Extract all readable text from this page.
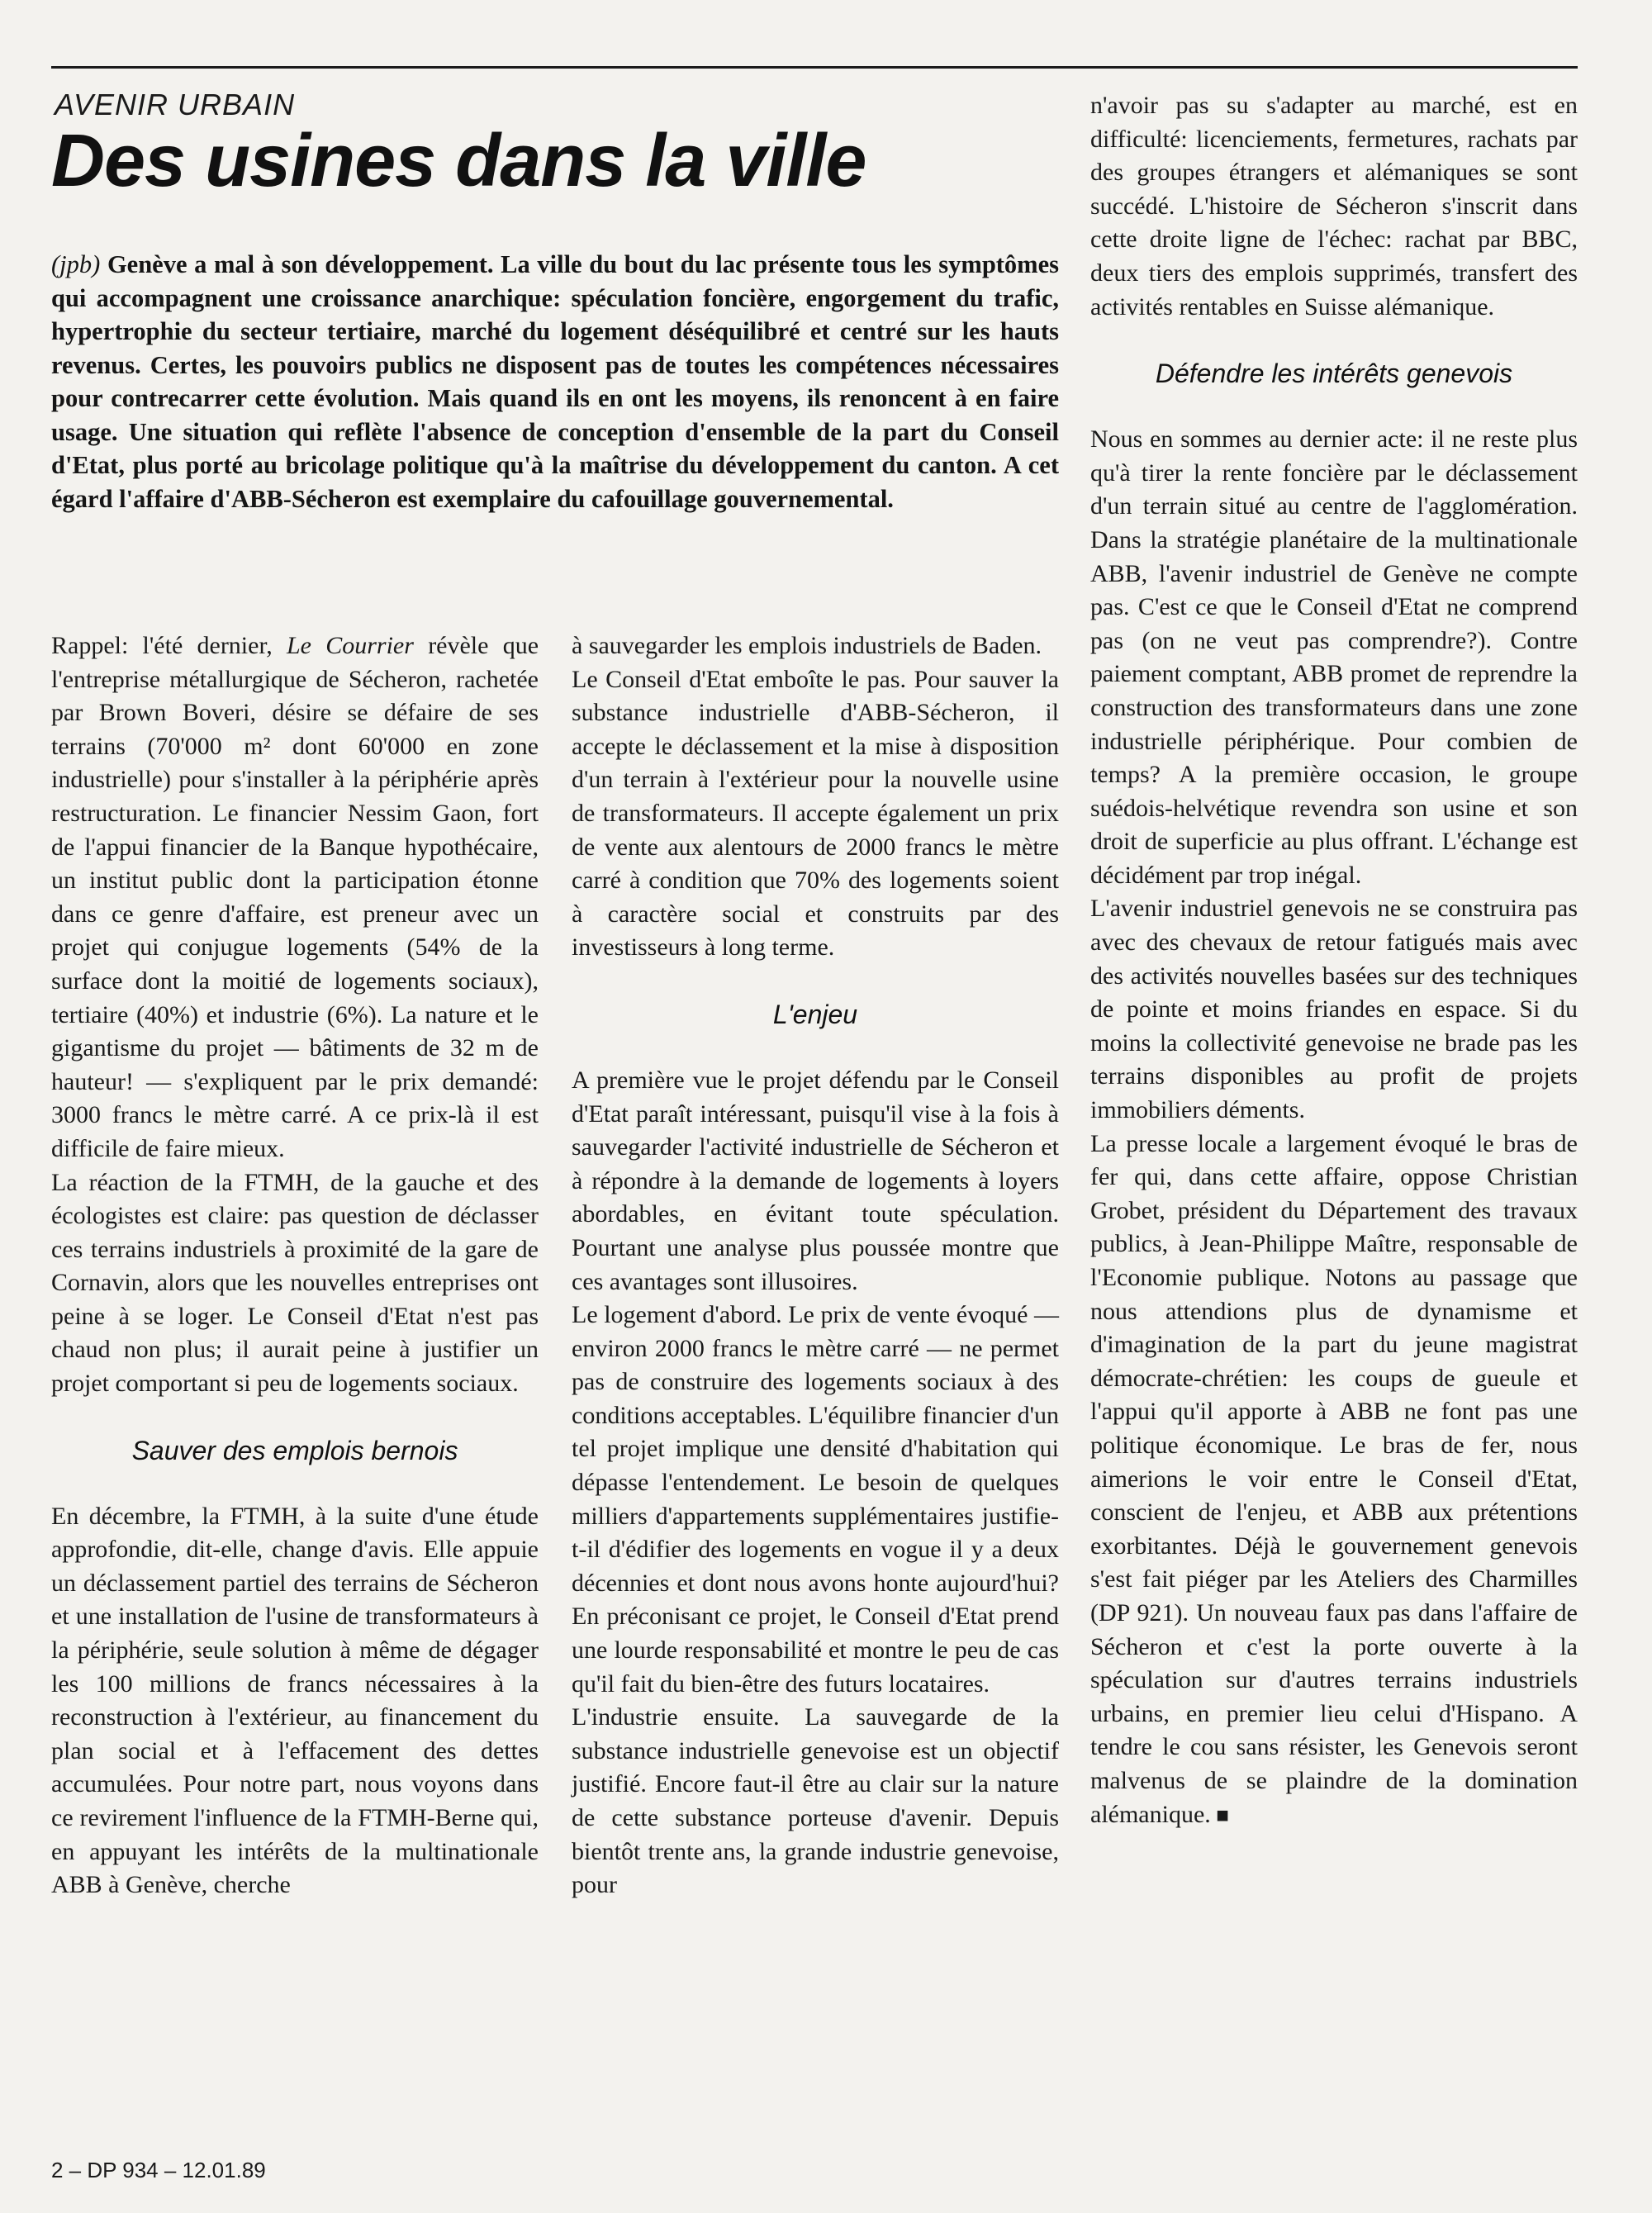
AVENIR URBAIN
Des usines dans la ville

(jpb) Genève a mal à son développement. La ville du bout du lac présente tous les symptômes qui accompagnent une croissance anarchique: spéculation foncière, engorgement du trafic, hypertrophie du secteur tertiaire, marché du logement déséquilibré et centré sur les hauts revenus. Certes, les pouvoirs publics ne disposent pas de toutes les compétences nécessaires pour contrecarrer cette évolution. Mais quand ils en ont les moyens, ils renoncent à en faire usage. Une situation qui reflète l'absence de conception d'ensemble de la part du Conseil d'Etat, plus porté au bricolage politique qu'à la maîtrise du développement du canton. A cet égard l'affaire d'ABB-Sécheron est exemplaire du cafouillage gouvernemental.

Rappel: l'été dernier, Le Courrier révèle que l'entreprise métallurgique de Sécheron, rachetée par Brown Boveri, désire se défaire de ses terrains (70'000 m² dont 60'000 en zone industrielle) pour s'installer à la périphérie après restructuration. Le financier Nessim Gaon, fort de l'appui financier de la Banque hypothécaire, un institut public dont la participation étonne dans ce genre d'affaire, est preneur avec un projet qui conjugue logements (54% de la surface dont la moitié de logements sociaux), tertiaire (40%) et industrie (6%). La nature et le gigantisme du projet — bâtiments de 32 m de hauteur! — s'expliquent par le prix demandé: 3000 francs le mètre carré. A ce prix-là il est difficile de faire mieux.

La réaction de la FTMH, de la gauche et des écologistes est claire: pas question de déclasser ces terrains industriels à proximité de la gare de Cornavin, alors que les nouvelles entreprises ont peine à se loger. Le Conseil d'Etat n'est pas chaud non plus; il aurait peine à justifier un projet comportant si peu de logements sociaux.

Sauver des emplois bernois

En décembre, la FTMH, à la suite d'une étude approfondie, dit-elle, change d'avis. Elle appuie un déclassement partiel des terrains de Sécheron et une installation de l'usine de transformateurs à la périphérie, seule solution à même de dégager les 100 millions de francs nécessaires à la reconstruction à l'extérieur, au financement du plan social et à l'effacement des dettes accumulées. Pour notre part, nous voyons dans ce revirement l'influence de la FTMH-Berne qui, en appuyant les intérêts de la multinationale ABB à Genève, cherche

à sauvegarder les emplois industriels de Baden.

Le Conseil d'Etat emboîte le pas. Pour sauver la substance industrielle d'ABB-Sécheron, il accepte le déclassement et la mise à disposition d'un terrain à l'extérieur pour la nouvelle usine de transformateurs. Il accepte également un prix de vente aux alentours de 2000 francs le mètre carré à condition que 70% des logements soient à caractère social et construits par des investisseurs à long terme.

L'enjeu

A première vue le projet défendu par le Conseil d'Etat paraît intéressant, puisqu'il vise à la fois à sauvegarder l'activité industrielle de Sécheron et à répondre à la demande de logements à loyers abordables, en évitant toute spéculation. Pourtant une analyse plus poussée montre que ces avantages sont illusoires.

Le logement d'abord. Le prix de vente évoqué — environ 2000 francs le mètre carré — ne permet pas de construire des logements sociaux à des conditions acceptables. L'équilibre financier d'un tel projet implique une densité d'habitation qui dépasse l'entendement. Le besoin de quelques milliers d'appartements supplémentaires justifie-t-il d'édifier des logements en vogue il y a deux décennies et dont nous avons honte aujourd'hui? En préconisant ce projet, le Conseil d'Etat prend une lourde responsabilité et montre le peu de cas qu'il fait du bien-être des futurs locataires.

L'industrie ensuite. La sauvegarde de la substance industrielle genevoise est un objectif justifié. Encore faut-il être au clair sur la nature de cette substance porteuse d'avenir. Depuis bientôt trente ans, la grande industrie genevoise, pour

n'avoir pas su s'adapter au marché, est en difficulté: licenciements, fermetures, rachats par des groupes étrangers et alémaniques se sont succédé. L'histoire de Sécheron s'inscrit dans cette droite ligne de l'échec: rachat par BBC, deux tiers des emplois supprimés, transfert des activités rentables en Suisse alémanique.

Défendre les intérêts genevois

Nous en sommes au dernier acte: il ne reste plus qu'à tirer la rente foncière par le déclassement d'un terrain situé au centre de l'agglomération. Dans la stratégie planétaire de la multinationale ABB, l'avenir industriel de Genève ne compte pas. C'est ce que le Conseil d'Etat ne comprend pas (on ne veut pas comprendre?). Contre paiement comptant, ABB promet de reprendre la construction des transformateurs dans une zone industrielle périphérique. Pour combien de temps? A la première occasion, le groupe suédois-helvétique revendra son usine et son droit de superficie au plus offrant. L'échange est décidément par trop inégal.

L'avenir industriel genevois ne se construira pas avec des chevaux de retour fatigués mais avec des activités nouvelles basées sur des techniques de pointe et moins friandes en espace. Si du moins la collectivité genevoise ne brade pas les terrains disponibles au profit de projets immobiliers déments.

La presse locale a largement évoqué le bras de fer qui, dans cette affaire, oppose Christian Grobet, président du Département des travaux publics, à Jean-Philippe Maître, responsable de l'Economie publique. Notons au passage que nous attendions plus de dynamisme et d'imagination de la part du jeune magistrat démocrate-chrétien: les coups de gueule et l'appui qu'il apporte à ABB ne font pas une politique économique. Le bras de fer, nous aimerions le voir entre le Conseil d'Etat, conscient de l'enjeu, et ABB aux prétentions exorbitantes. Déjà le gouvernement genevois s'est fait piéger par les Ateliers des Charmilles (DP 921). Un nouveau faux pas dans l'affaire de Sécheron et c'est la porte ouverte à la spéculation sur d'autres terrains industriels urbains, en premier lieu celui d'Hispano. A tendre le cou sans résister, les Genevois seront malvenus de se plaindre de la domination alémanique. ■

2 – DP 934 – 12.01.89
